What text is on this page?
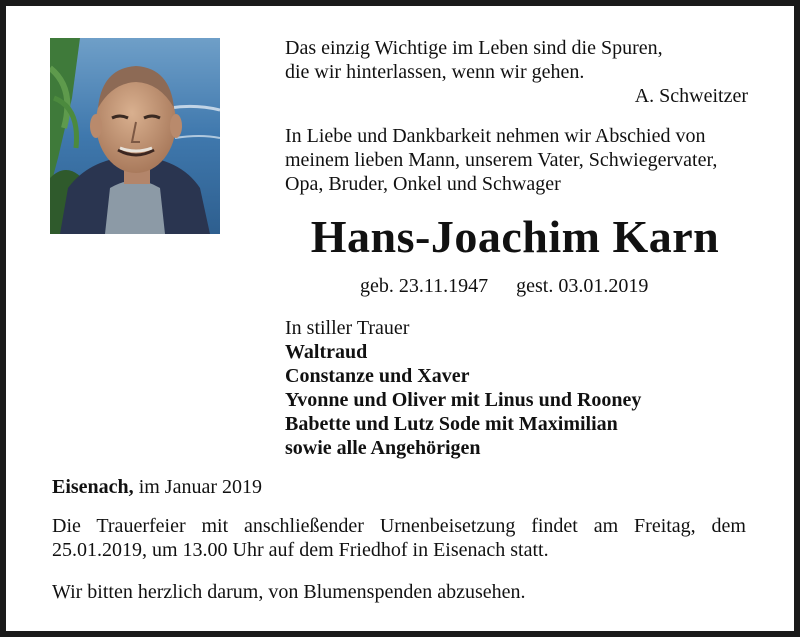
Das einzig Wichtige im Leben sind die Spuren,
die wir hinterlassen, wenn wir gehen.
A. Schweitzer
In Liebe und Dankbarkeit nehmen wir Abschied von
meinem lieben Mann, unserem Vater, Schwiegervater,
Opa, Bruder, Onkel und Schwager
Hans-Joachim Karn
geb. 23.11.1947 gest. 03.01.2019
In stiller Trauer
Waltraud
Constanze und Xaver
Yvonne und Oliver mit Linus und Rooney
Babette und Lutz Sode mit Maximilian
sowie alle Angehörigen
Eisenach, im Januar 2019
Die Trauerfeier mit anschließender Urnenbeisetzung findet am Freitag, dem
25.01.2019, um 13.00 Uhr auf dem Friedhof in Eisenach statt.
Wir bitten herzlich darum, von Blumenspenden abzusehen.
